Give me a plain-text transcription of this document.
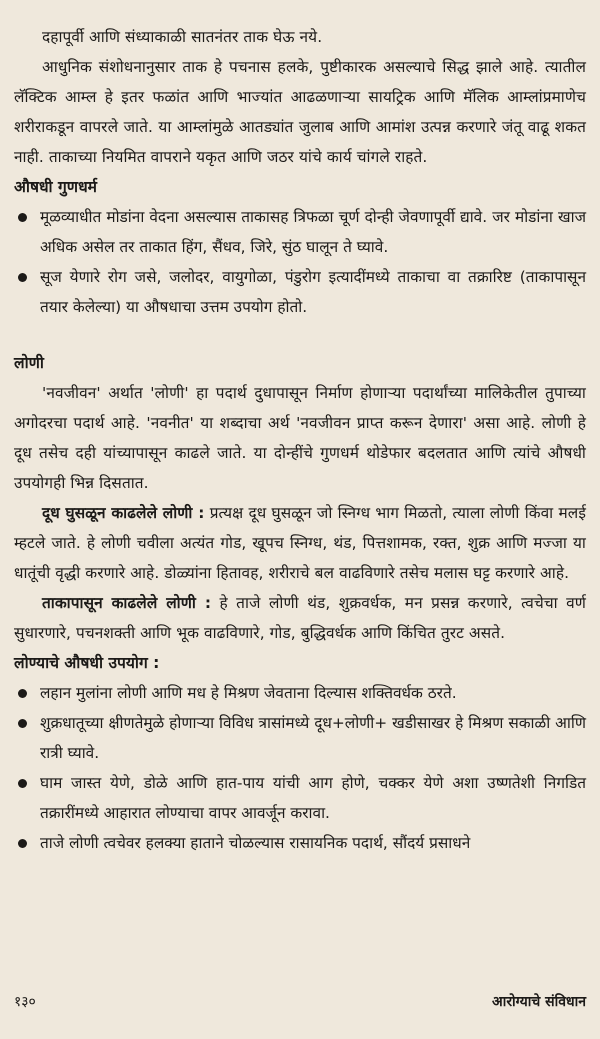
दहापूर्वी आणि संध्याकाळी सातनंतर ताक घेऊ नये.

आधुनिक संशोधनानुसार ताक हे पचनास हलके, पुष्टीकारक असल्याचे सिद्ध झाले आहे. त्यातील लॅक्टिक आम्ल हे इतर फळांत आणि भाज्यांत आढळणाऱ्या सायट्रिक आणि मॅलिक आम्लांप्रमाणेच शरीराकडून वापरले जाते. या आम्लांमुळे आतड्यांत जुलाब आणि आमांश उत्पन्न करणारे जंतू वाढू शकत नाही. ताकाच्या नियमित वापराने यकृत आणि जठर यांचे कार्य चांगले राहते.

औषधी गुणधर्म
मूळव्याधीत मोडांना वेदना असल्यास ताकासह त्रिफळा चूर्ण दोन्ही जेवणापूर्वी द्यावे. जर मोडांना खाज अधिक असेल तर ताकात हिंग, सैंधव, जिरे, सुंठ घालून ते घ्यावे.
सूज येणारे रोग जसे, जलोदर, वायुगोळा, पंडुरोग इत्यादींमध्ये ताकाचा वा तक्रारिष्ट (ताकापासून तयार केलेल्या) या औषधाचा उत्तम उपयोग होतो.
लोणी

'नवजीवन' अर्थात 'लोणी' हा पदार्थ दुधापासून निर्माण होणाऱ्या पदार्थांच्या मालिकेतील तुपाच्या अगोदरचा पदार्थ आहे. 'नवनीत' या शब्दाचा अर्थ 'नवजीवन प्राप्त करून देणारा' असा आहे. लोणी हे दूध तसेच दही यांच्यापासून काढले जाते. या दोन्हींचे गुणधर्म थोडेफार बदलतात आणि त्यांचे औषधी उपयोगही भिन्न दिसतात.

दूध घुसळून काढलेले लोणी : प्रत्यक्ष दूध घुसळून जो स्निग्ध भाग मिळतो, त्याला लोणी किंवा मलई म्हटले जाते. हे लोणी चवीला अत्यंत गोड, खूपच स्निग्ध, थंड, पित्तशामक, रक्त, शुक्र आणि मज्जा या धातूंची वृद्धी करणारे आहे. डोळ्यांना हितावह, शरीराचे बल वाढविणारे तसेच मलास घट्ट करणारे आहे.

ताकापासून काढलेले लोणी : हे ताजे लोणी थंड, शुक्रवर्धक, मन प्रसन्न करणारे, त्वचेचा वर्ण सुधारणारे, पचनशक्ती आणि भूक वाढविणारे, गोड, बुद्धिवर्धक आणि किंचित तुरट असते.

लोण्याचे औषधी उपयोग :
लहान मुलांना लोणी आणि मध हे मिश्रण जेवताना दिल्यास शक्तिवर्धक ठरते.
शुक्रधातूच्या क्षीणतेमुळे होणाऱ्या विविध त्रासांमध्ये दूध+लोणी+ खडीसाखर हे मिश्रण सकाळी आणि रात्री घ्यावे.
घाम जास्त येणे, डोळे आणि हात-पाय यांची आग होणे, चक्कर येणे अशा उष्णतेशी निगडित तक्रारींमध्ये आहारात लोण्याचा वापर आवर्जून करावा.
ताजे लोणी त्वचेवर हलक्या हाताने चोळल्यास रासायनिक पदार्थ, सौंदर्य प्रसाधने
१३०	आरोग्याचे संविधान
